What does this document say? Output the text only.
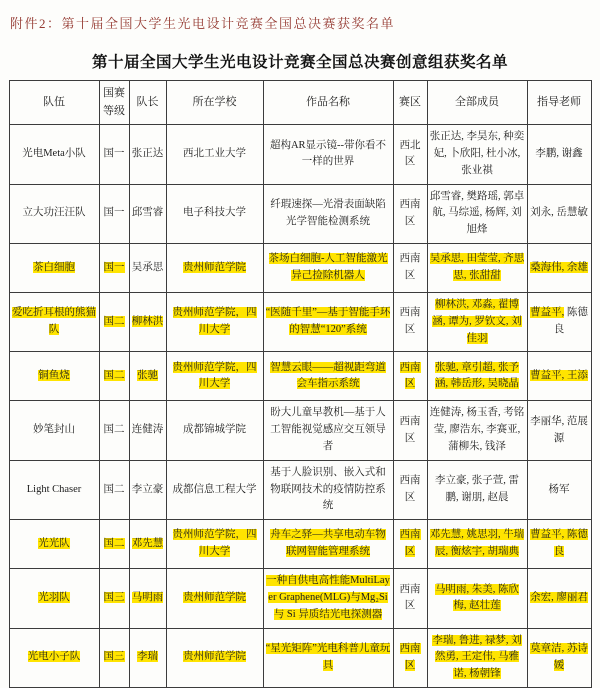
附件2：第十届全国大学生光电设计竞赛全国总决赛获奖名单
第十届全国大学生光电设计竞赛全国总决赛创意组获奖名单
队伍	国赛等级	队长	所在学校	作品名称	赛区	全部成员	指导老师
光电Meta小队	国一	张正达	西北工业大学	超构AR显示镜--带你看不一样的世界	西北区	张正达, 李昊东, 种奕妃, 卜欣阳, 杜小冰, 张业祺	李鹏, 谢鑫
立大功汪汪队	国一	邱雪睿	电子科技大学	纤瑕速探—光滑表面缺陷光学智能检测系统	西南区	邱雪睿, 樊路瑶, 郭卓航, 马综遥, 杨辉, 刘旭烽	刘永, 岳慧敏
茶白细胞	国一	吴承思	贵州师范学院	茶场白细胞-人工智能激光异己捡除机器人	西南区	吴承思, 田莹莹, 齐思思, 张甜甜	桑海伟, 余雄
爱吃折耳根的熊猫队	国二	柳林洪	贵州师范学院，四川大学	“医随千里”—基于智能手环的智慧“120”系统	西南区	柳林洪, 邓淼, 翟博涵, 谭为, 罗钦文, 刘佳羽	曹益平, 陈德良
铜鱼烧	国二	张驰	贵州师范学院，四川大学	智慧云眼——超视距弯道会车指示系统	西南区	张驰, 章引超, 张予涵, 韩岳形, 吴晓晶	曹益平, 王添
妙笔封山	国二	连健涛	成都锦城学院	盼大儿童早教机—基于人工智能视觉感应交互领导者	西南区	连健涛, 杨玉香, 考铭莹, 廖浩东, 李赛亚, 蒲柳朱, 钱泽	李丽华, 范展源
Light Chaser	国二	李立豪	成都信息工程大学	基于人脸识别、嵌入式和物联网技术的疫情防控系统	西南区	李立豪, 张子萱, 雷鹏, 谢朋, 赵晨	杨军
光光队	国二	邓先慧	贵州师范学院，四川大学	舟车之驿—共享电动车物联网智能管理系统	西南区	邓先慧, 姚思羽, 牛瑞辰, 衡炫宇, 胡瑞典	曹益平, 陈德良
光羽队	国三	马明雨	贵州师范学院	一种自供电高性能MultiLayer Graphene(MLG)与Mg₂Si 与 Si 异质结光电探测器	西南区	马明雨, 朱美, 陈欣梅, 赵壮莲	余宏, 廖丽君
光电小子队	国三	李瑞	贵州师范学院	“星光矩阵”光电科普儿童玩具	西南区	李瑞, 鲁进, 禄梦, 刘然勇, 王定伟, 马雅诺, 杨朝锋	莫章洁, 苏诗媛
